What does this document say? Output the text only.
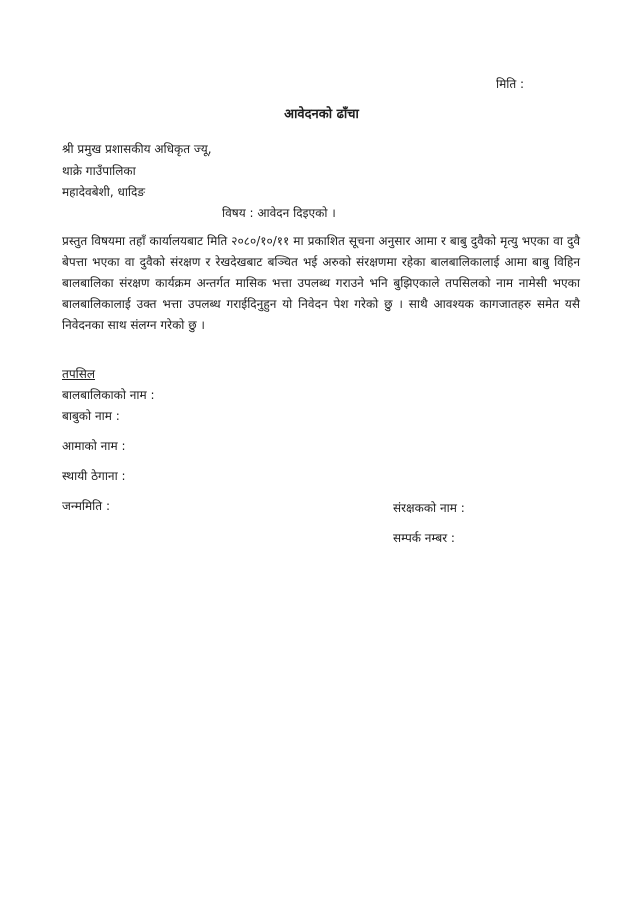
मिति :
आवेदनको ढाँचा
श्री प्रमुख प्रशासकीय अधिकृत ज्यू,
थाक्रे गाउँपालिका
महादेवबेशी, धादिङ
विषय : आवेदन दिइएको ।
प्रस्तुत विषयमा तहाँ कार्यालयबाट मिति २०८०/१०/११ मा प्रकाशित सूचना अनुसार आमा र बाबु दुवैको मृत्यु भएका वा दुवै बेपत्ता भएका वा दुवैको संरक्षण र रेखदेखबाट बञ्चित भई अरुको संरक्षणमा रहेका बालबालिकालाई आमा बाबु विहिन बालबालिका संरक्षण कार्यक्रम अन्तर्गत मासिक भत्ता उपलब्ध गराउने भनि बुझिएकाले तपसिलको नाम नामेसी भएका बालबालिकालाई उक्त भत्ता उपलब्ध गराईदिनुहुन यो निवेदन पेश गरेको छु । साथै आवश्यक कागजातहरु समेत यसै निवेदनका साथ संलग्न गरेको छु ।
तपसिल
बालबालिकाको नाम :
बाबुको नाम :
आमाको नाम :
स्थायी ठेगाना :
जन्ममिति :	संरक्षकको नाम :
सम्पर्क नम्बर :
